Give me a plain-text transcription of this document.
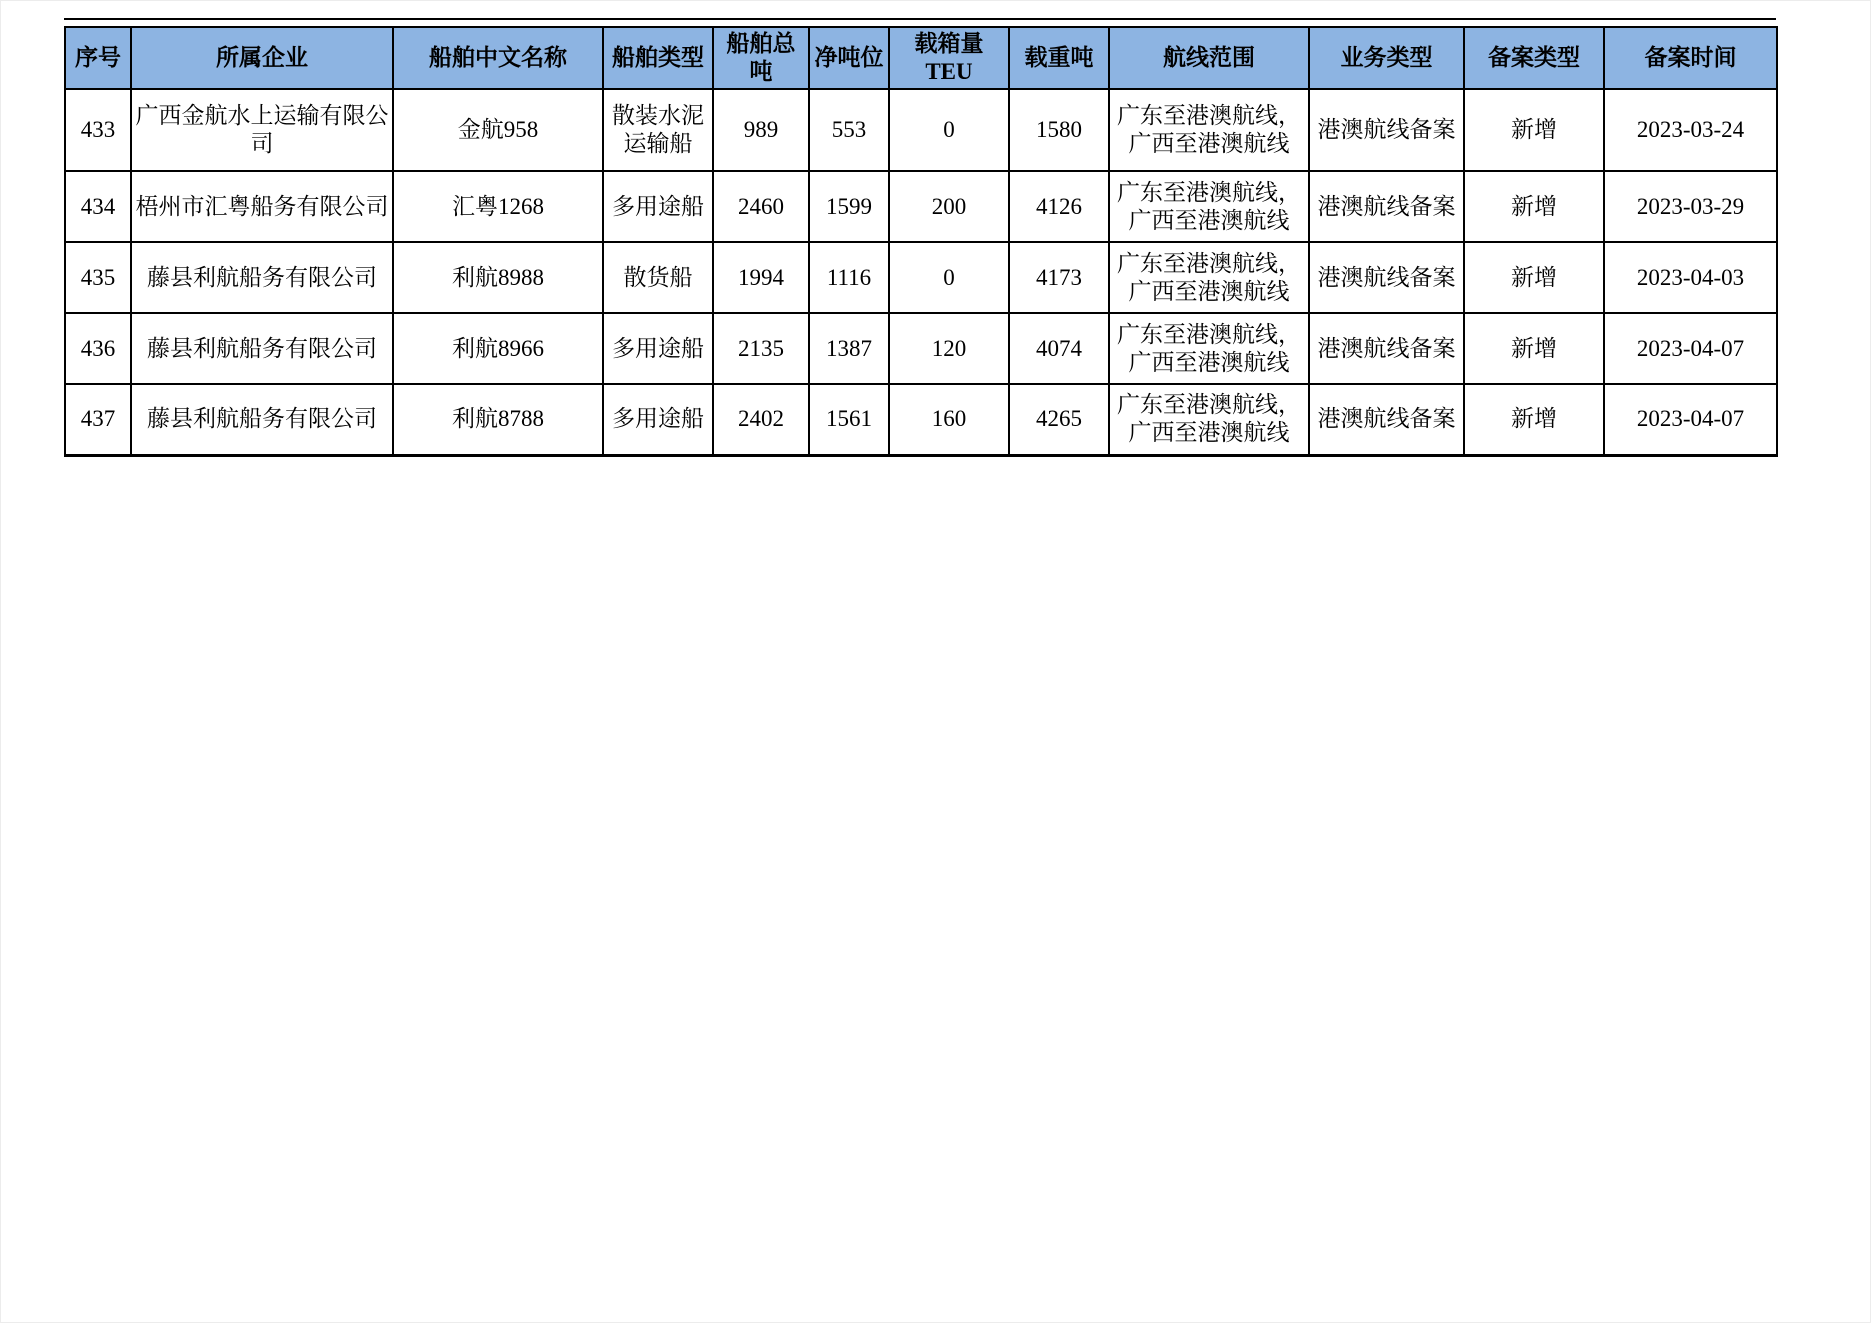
序号	所属企业	船舶中文名称	船舶类型	船舶总吨	净吨位	载箱量TEU	载重吨	航线范围	业务类型	备案类型	备案时间
433	广西金航水上运输有限公司	金航958	散装水泥运输船	989	553	0	1580	广东至港澳航线，广西至港澳航线	港澳航线备案	新增	2023-03-24
434	梧州市汇粤船务有限公司	汇粤1268	多用途船	2460	1599	200	4126	广东至港澳航线，广西至港澳航线	港澳航线备案	新增	2023-03-29
435	藤县利航船务有限公司	利航8988	散货船	1994	1116	0	4173	广东至港澳航线，广西至港澳航线	港澳航线备案	新增	2023-04-03
436	藤县利航船务有限公司	利航8966	多用途船	2135	1387	120	4074	广东至港澳航线，广西至港澳航线	港澳航线备案	新增	2023-04-07
437	藤县利航船务有限公司	利航8788	多用途船	2402	1561	160	4265	广东至港澳航线，广西至港澳航线	港澳航线备案	新增	2023-04-07
